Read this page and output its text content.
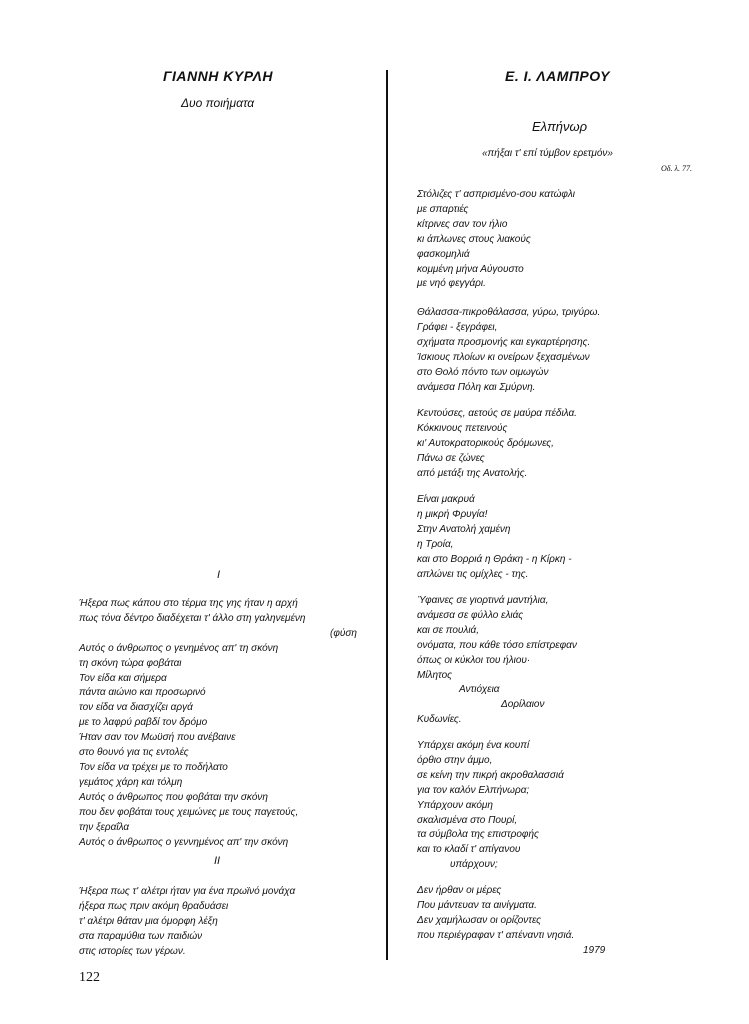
ΓΙΑΝΝΗ ΚΥΡΛΗ

Δυο ποιήματα

I
Ήξερα πως κάπου στο τέρμα της γης ήταν η αρχή
πως τόνα δέντρο διαδέχεται τ' άλλο στη γαληνεμένη
(φύση
Αυτός ο άνθρωπος ο γενημένος απ' τη σκόνη
τη σκόνη τώρα φοβάται
Τον είδα και σήμερα
πάντα αιώνιο και προσωρινό
τον είδα να διασχίζει αργά
με το λαφρύ ραβδί τον δρόμο
Ήταν σαν τον Μωϋσή που ανέβαινε
στο θουνό για τις εντολές
Τον είδα να τρέχει με το ποδήλατο
γεμάτος χάρη και τόλμη
Αυτός ο άνθρωπος που φοβάται την σκόνη
που δεν φοβάται τους χειμώνες με τους παγετούς,
την ξεραΐλα
Αυτός ο άνθρωπος ο γεννημένος απ' την σκόνη
II
Ήξερα πως τ' αλέτρι ήταν για ένα πρωϊνό μονάχα
ήξερα πως πριν ακόμη θραδυάσει
τ' αλέτρι θάταν μια όμορφη λέξη
στα παραμύθια των παιδιών
στις ιστορίες των γέρων.
122
Ε. Ι. ΛΑΜΠΡΟΥ

Ελπήνωρ

«πήξαι τ' επί τύμβον ερετμόν»

Οδ. λ. 77.

Στόλιζες τ' ασπρισμένο-σου κατώφλι
με σπαρτιές
κίτρινες σαν τον ήλιο
κι άπλωνες στους λιακούς
φασκομηλιά
κομμένη μήνα Αύγουστο
με νηό φεγγάρι.
Θάλασσα-πικροθάλασσα, γύρω, τριγύρω.
Γράφει - ξεγράφει,
σχήματα προσμονής και εγκαρτέρησης.
Ίσκιους πλοίων κι ονείρων ξεχασμένων
στο Θολό πόντο των οιμωγών
ανάμεσα Πόλη και Σμύρνη.
Κεντούσες, αετούς σε μαύρα πέδιλα.
Κόκκινους πετεινούς
κι' Αυτοκρατορικούς δρόμωνες,
Πάνω σε ζώνες
από μετάξι της Ανατολής.
Είναι μακρυά
η μικρή Φρυγία!
Στην Ανατολή χαμένη
η Τροία,
και στο Βορριά η Θράκη - η Κίρκη -
απλώνει τις ομίχλες - της.
Ύφαινες σε γιορτινά μαντήλια,
ανάμεσα σε φύλλο ελιάς
και σε πουλιά,
ονόματα, που κάθε τόσο επίστρεφαν
όπως οι κύκλοι του ήλιου·
Μίλητος
Αντιόχεια
Δορίλαιον
Κυδωνίες.
Υπάρχει ακόμη ένα κουπί
όρθιο στην άμμο,
σε κείνη την πικρή ακροθαλασσιά
για τον καλόν Ελπήνωρα;
Υπάρχουν ακόμη
σκαλισμένα στο Πουρί,
τα σύμβολα της επιστροφής
και το κλαδί τ' απίγανου
υπάρχουν;
Δεν ήρθαν οι μέρες
Που μάντευαν τα αινίγματα.
Δεν χαμήλωσαν οι ορίζοντες
που περιέγραφαν τ' απέναντι νησιά.
1979
